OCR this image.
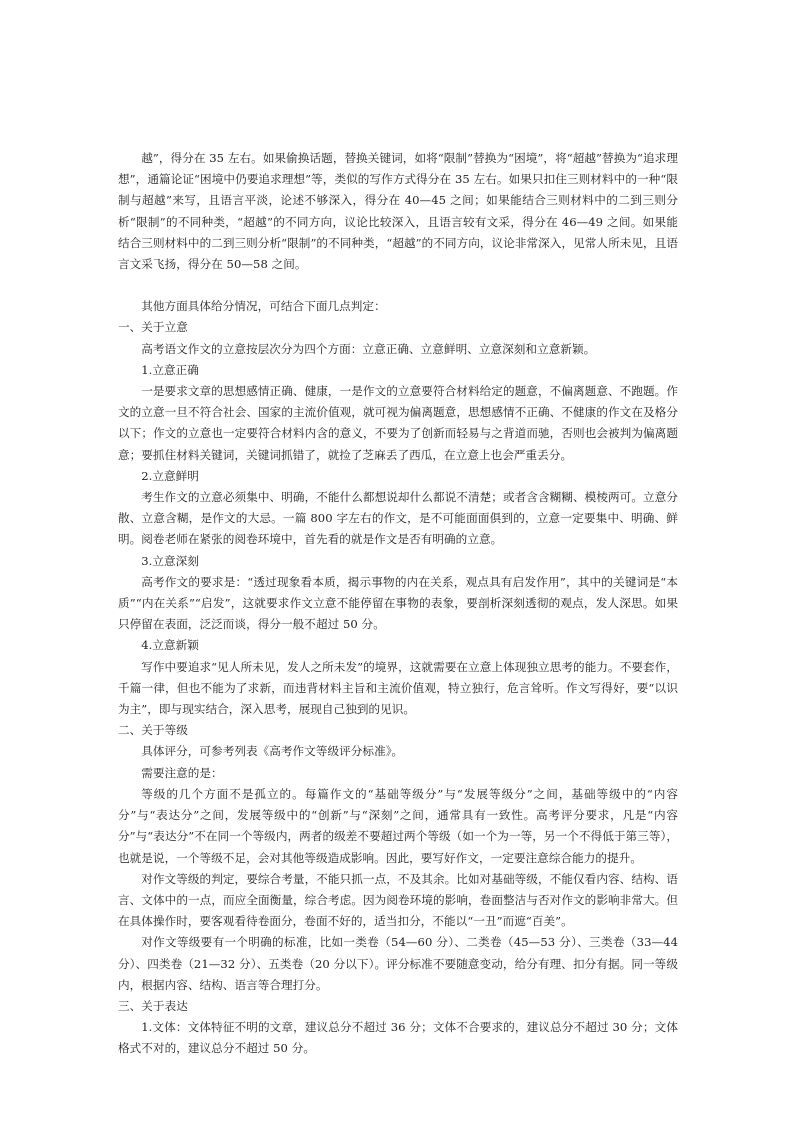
越”，得分在 35 左右。如果偷换话题，替换关键词，如将“限制”替换为“困境”，将“超越”替换为“追求理想”，通篇论证“困境中仍要追求理想”等，类似的写作方式得分在 35 左右。如果只扣住三则材料中的一种“限制与超越”来写，且语言平淡，论述不够深入，得分在 40—45 之间；如果能结合三则材料中的二到三则分析“限制”的不同种类，“超越”的不同方向，议论比较深入，且语言较有文采，得分在 46—49 之间。如果能结合三则材料中的二到三则分析“限制”的不同种类，“超越”的不同方向，议论非常深入，见常人所未见，且语言文采飞扬，得分在 50—58 之间。

其他方面具体给分情况，可结合下面几点判定：

一、关于立意

高考语文作文的立意按层次分为四个方面：立意正确、立意鲜明、立意深刻和立意新颖。

1.立意正确

一是要求文章的思想感情正确、健康，一是作文的立意要符合材料给定的题意，不偏离题意、不跑题。作文的立意一旦不符合社会、国家的主流价值观，就可视为偏离题意，思想感情不正确、不健康的作文在及格分以下；作文的立意也一定要符合材料内含的意义，不要为了创新而轻易与之背道而驰，否则也会被判为偏离题意；要抓住材料关键词，关键词抓错了，就捡了芝麻丢了西瓜，在立意上也会严重丢分。

2.立意鲜明

考生作文的立意必须集中、明确，不能什么都想说却什么都说不清楚；或者含含糊糊、模棱两可。立意分散、立意含糊，是作文的大忌。一篇 800 字左右的作文，是不可能面面俱到的，立意一定要集中、明确、鲜明。阅卷老师在紧张的阅卷环境中，首先看的就是作文是否有明确的立意。

3.立意深刻

高考作文的要求是：“透过现象看本质，揭示事物的内在关系，观点具有启发作用”，其中的关键词是“本质”“内在关系”“启发”，这就要求作文立意不能停留在事物的表象，要剖析深刻透彻的观点，发人深思。如果只停留在表面，泛泛而谈，得分一般不超过 50 分。

4.立意新颖

写作中要追求“见人所未见，发人之所未发”的境界，这就需要在立意上体现独立思考的能力。不要套作，千篇一律，但也不能为了求新，而违背材料主旨和主流价值观，特立独行，危言耸听。作文写得好，要“以识为主”，即与现实结合，深入思考，展现自己独到的见识。

二、关于等级

具体评分，可参考列表《高考作文等级评分标准》。

需要注意的是：

等级的几个方面不是孤立的。每篇作文的“基础等级分”与“发展等级分”之间，基础等级中的“内容分”与“表达分”之间，发展等级中的“创新”与“深刻”之间，通常具有一致性。高考评分要求，凡是“内容分”与“表达分”不在同一个等级内，两者的级差不要超过两个等级（如一个为一等，另一个不得低于第三等），也就是说，一个等级不足，会对其他等级造成影响。因此，要写好作文，一定要注意综合能力的提升。

对作文等级的判定，要综合考量，不能只抓一点，不及其余。比如对基础等级，不能仅看内容、结构、语言、文体中的一点，而应全面衡量，综合考虑。因为阅卷环境的影响，卷面整洁与否对作文的影响非常大。但在具体操作时，要客观看待卷面分，卷面不好的，适当扣分，不能以“一丑”而遮“百美”。

对作文等级要有一个明确的标准，比如一类卷（54—60 分）、二类卷（45—53 分）、三类卷（33—44分）、四类卷（21—32 分）、五类卷（20 分以下）。评分标准不要随意变动，给分有理、扣分有据。同一等级内，根据内容、结构、语言等合理打分。

三、关于表达

1.文体：文体特征不明的文章，建议总分不超过 36 分；文体不合要求的，建议总分不超过 30 分；文体格式不对的，建议总分不超过 50 分。
